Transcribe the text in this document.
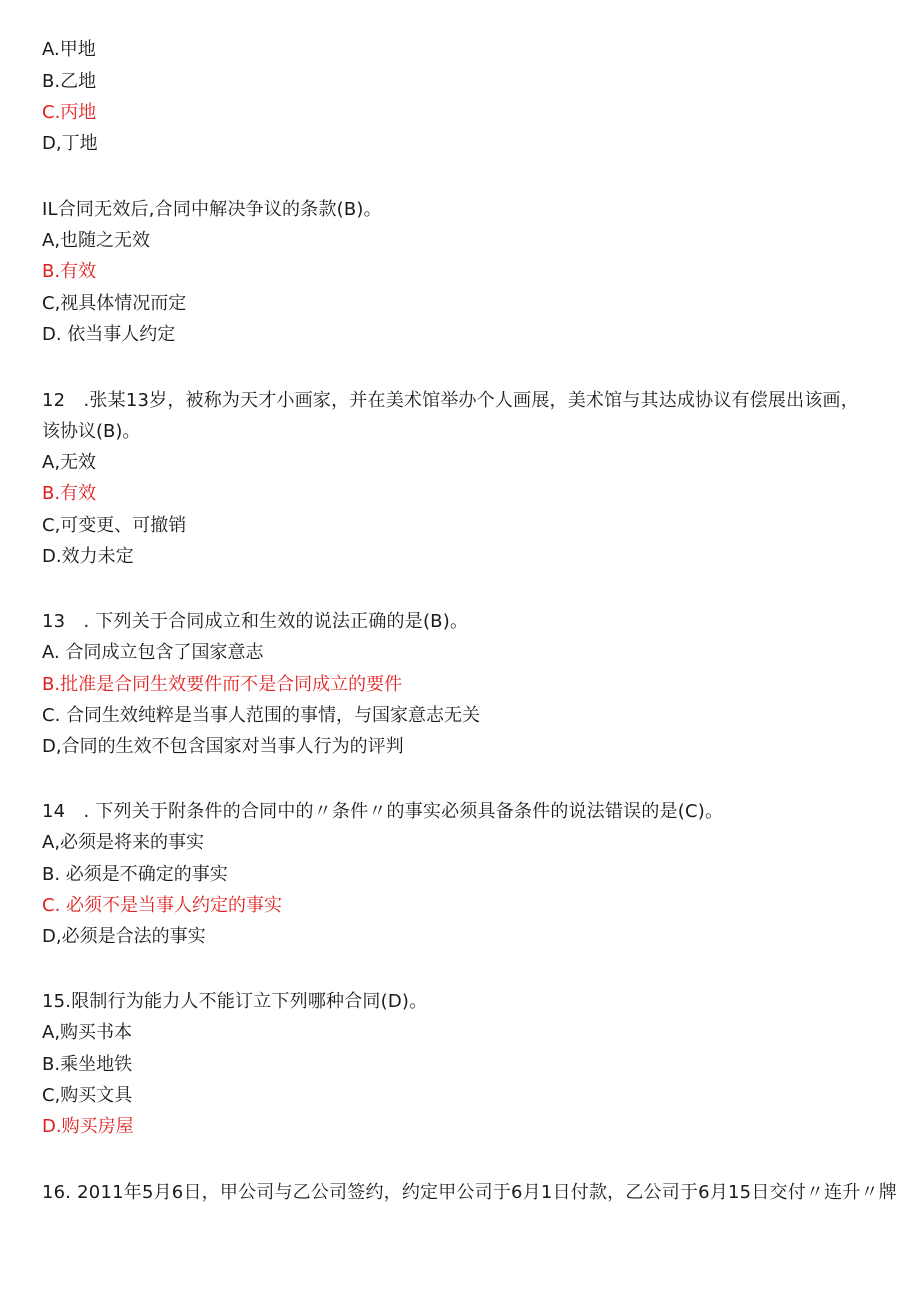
A.甲地
B.乙地
C.丙地
D,丁地
IL合同无效后,合同中解决争议的条款(B)。
A,也随之无效
B.有效
C,视具体情况而定
D. 依当事人约定
12　.张某13岁，被称为天才小画家，并在美术馆举办个人画展，美术馆与其达成协议有偿展出该画，
该协议(B)。
A,无效
B.有效
C,可变更、可撤销
D.效力未定
13　. 下列关于合同成立和生效的说法正确的是(B)。
A. 合同成立包含了国家意志
B.批准是合同生效要件而不是合同成立的要件
C. 合同生效纯粹是当事人范围的事情，与国家意志无关
D,合同的生效不包含国家对当事人行为的评判
14　. 下列关于附条件的合同中的〃条件〃的事实必须具备条件的说法错误的是(C)。
A,必须是将来的事实
B. 必须是不确定的事实
C. 必须不是当事人约定的事实
D,必须是合法的事实
15.限制行为能力人不能订立下列哪种合同(D)。
A,购买书本
B.乘坐地铁
C,购买文具
D.购买房屋
16. 2011年5月6日，甲公司与乙公司签约，约定甲公司于6月1日付款，乙公司于6月15日交付〃连升〃牌
